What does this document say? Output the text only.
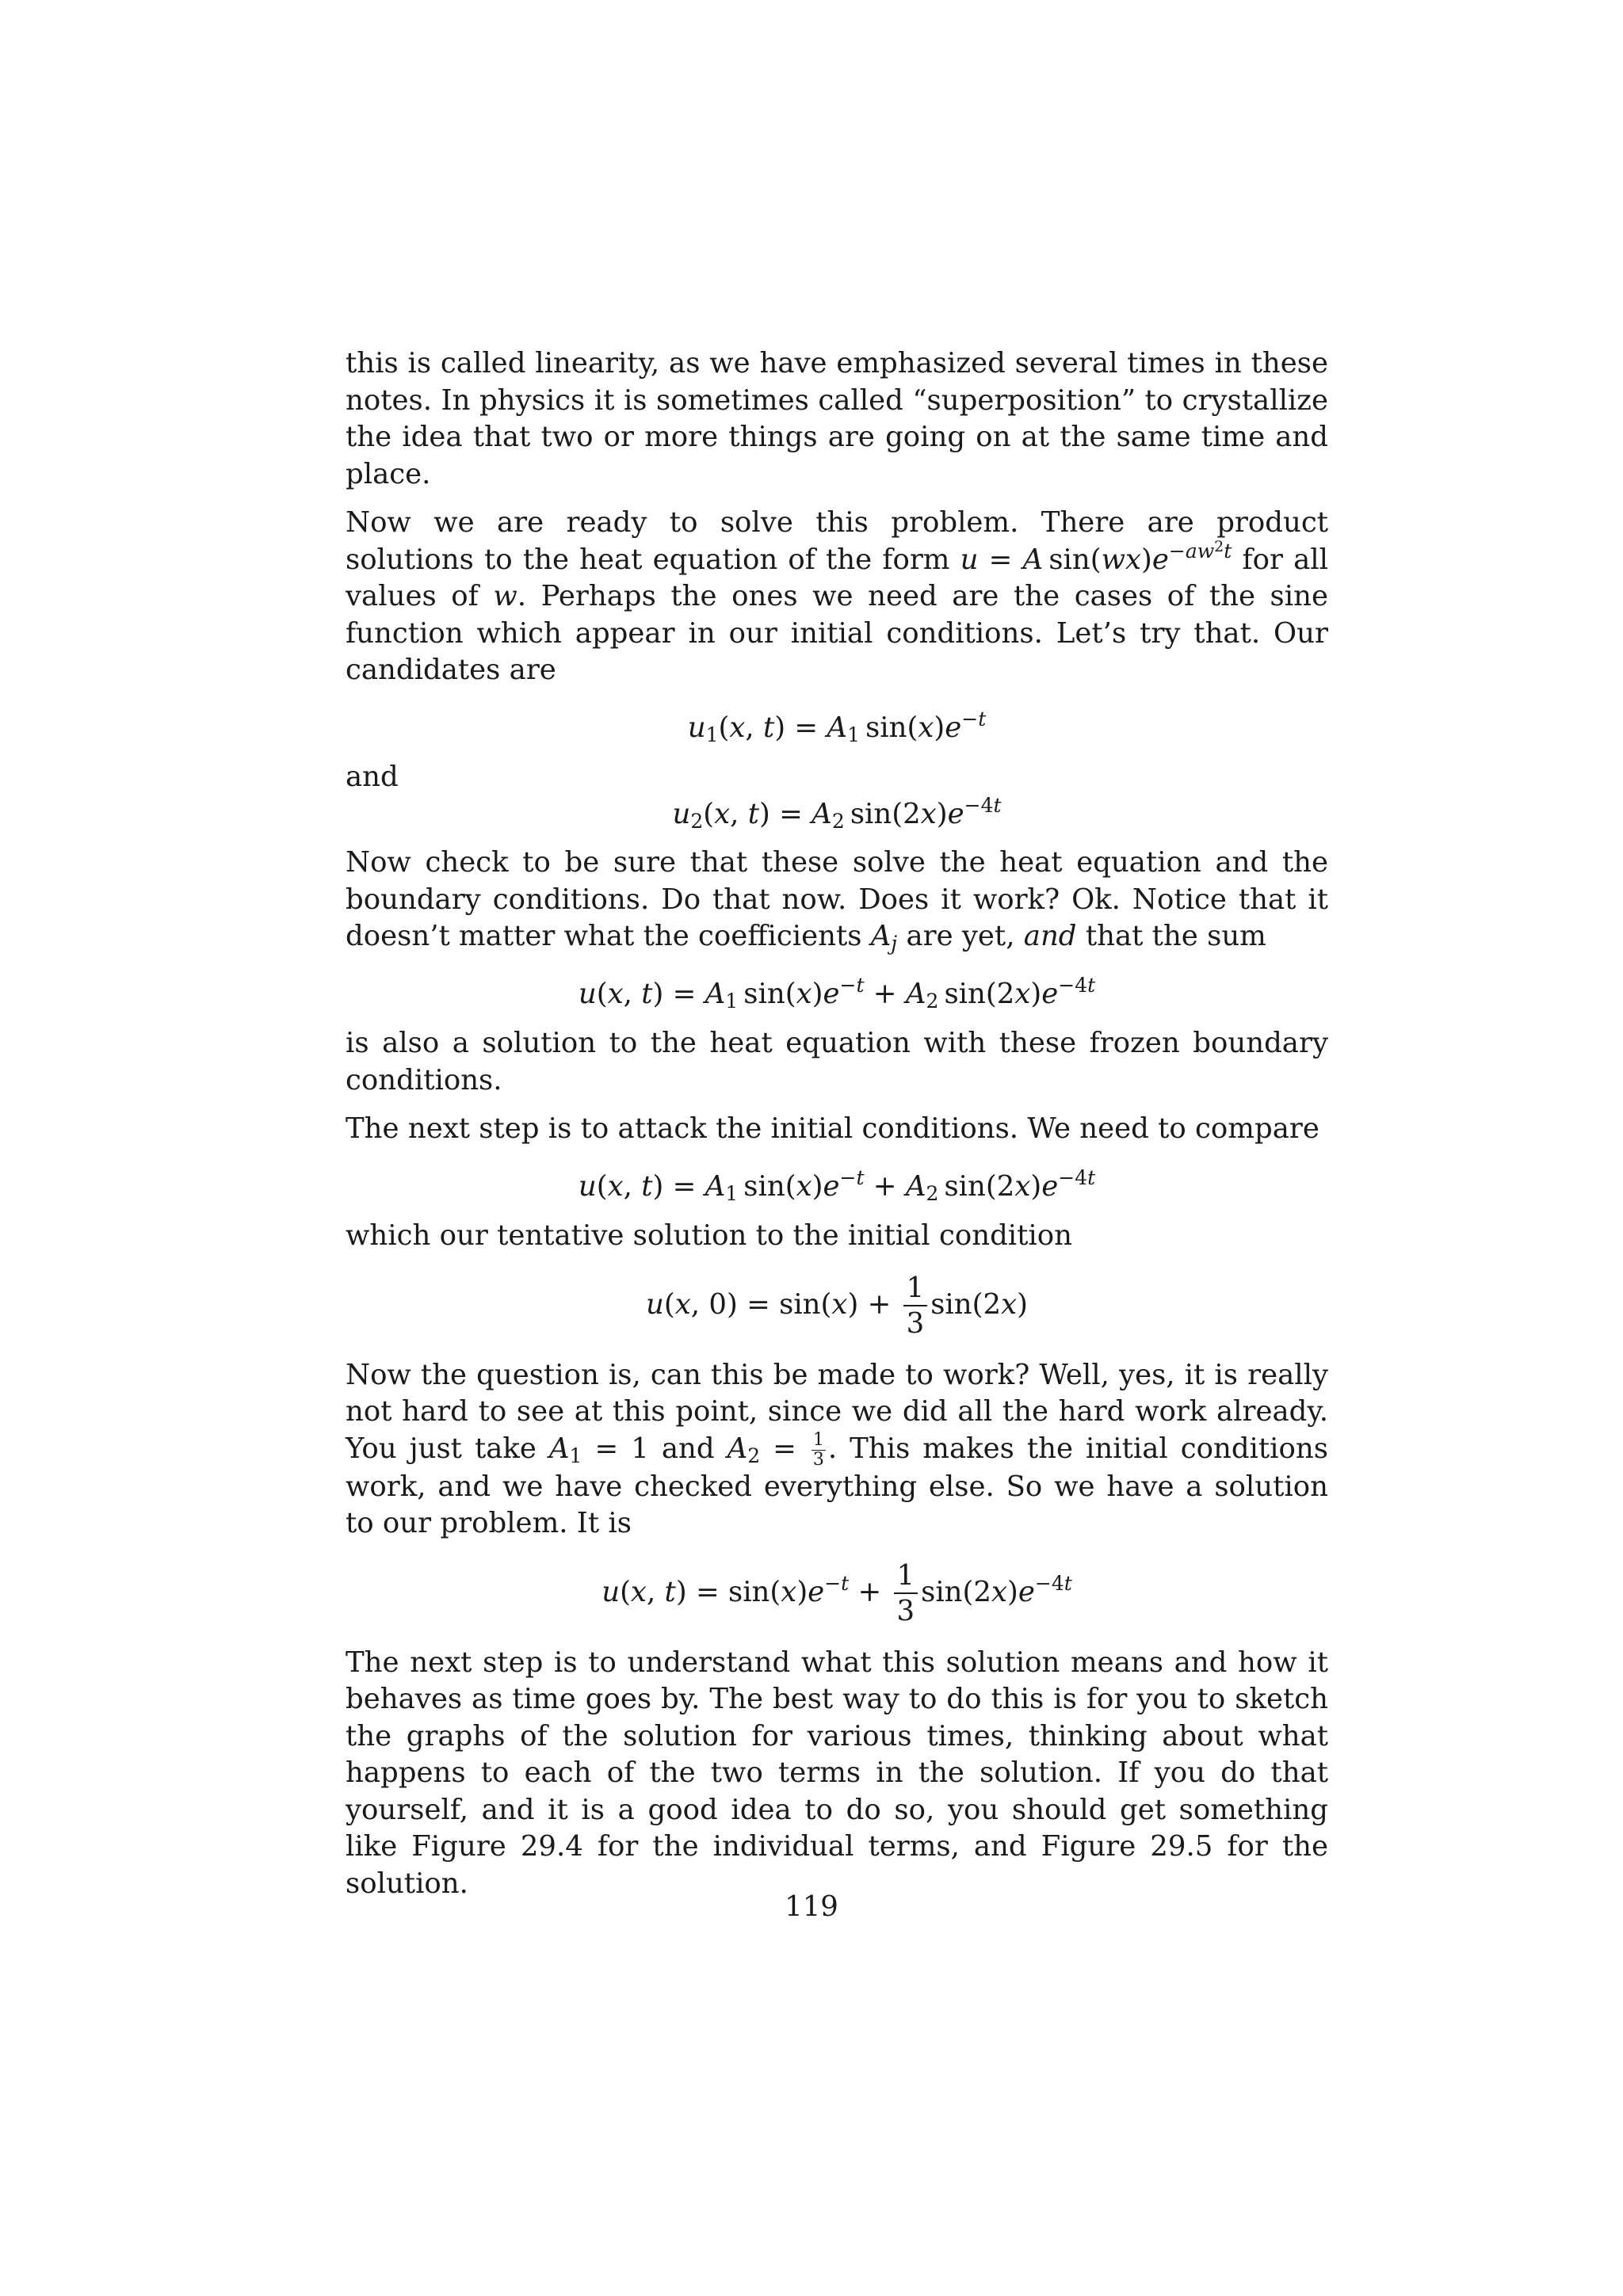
this is called linearity, as we have emphasized several times in these notes. In physics it is sometimes called “superposition” to crystallize the idea that two or more things are going on at the same time and place.

Now we are ready to solve this problem. There are product solutions to the heat equation of the form u = A  $\sin(wx)e^{-aw^2t}$ for all values of w. Perhaps the ones we need are the cases of the sine function which appear in our initial conditions. Let’s try that. Our candidates are

$u_1(x$, $t) = A_1$  $\sin(x)e^{-t}$
and
$u_2(x$, $t) = A_2$  $\sin(2x)e^{-4t}$

Now check to be sure that these solve the heat equation and the boundary conditions. Do that now. Does it work? Ok. Notice that it doesn’t matter what the coefficients $A_j$ are yet, and that the sum

u(x, $t) = A_1$  $\sin(x)e^{-t} + A_2$  $\sin(2x)e^{-4t}$

is also a solution to the heat equation with these frozen boundary conditions.

The next step is to attack the initial conditions. We need to compare

u(x, $t) = A_1$  $\sin(x)e^{-t} + A_2$  $\sin(2x)e^{-4t}$

which our tentative solution to the initial condition

u(x, $0) = \sin(x) + \frac{1}{3} \sin(2x)$

Now the question is, can this be made to work? Well, yes, it is really not hard to see at this point, since we did all the hard work already. You just take $A_1 = 1$ and $A_2 = \frac{1}{3}$ . This makes the initial conditions work, and we have checked everything else. So we have a solution to our problem. It is

u(x, $t) = \sin(x)e^{-t} + \frac{1}{3} \sin(2x)e^{-4t}$

The next step is to understand what this solution means and how it behaves as time goes by. The best way to do this is for you to sketch the graphs of the solution for various times, thinking about what happens to each of the two terms in the solution. If you do that yourself, and it is a good idea to do so, you should get something like Figure 29.4 for the individual terms, and Figure 29.5 for the solution.

119
